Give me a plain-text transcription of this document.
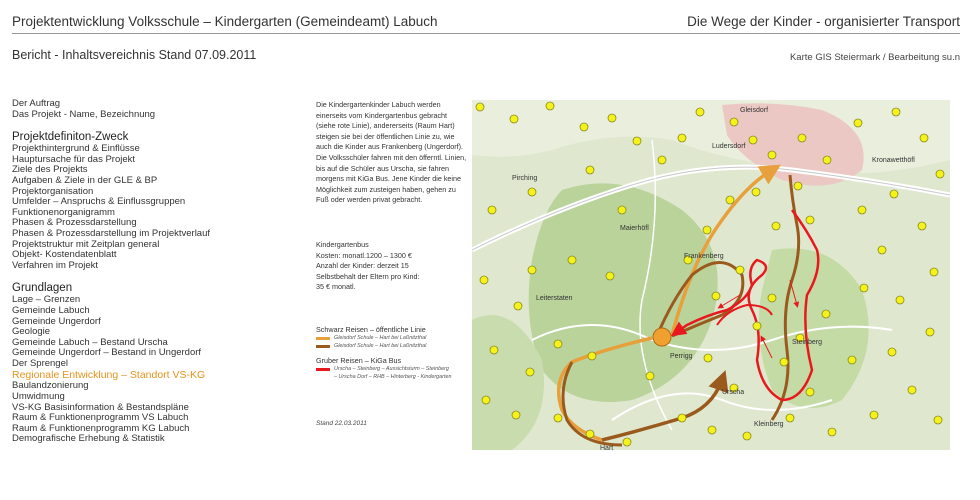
Projektentwicklung Volksschule – Kindergarten (Gemeindeamt) Labuch	Die Wege der Kinder - organisierter Transport
Bericht - Inhaltsvereichnis Stand 07.09.2011	Karte GIS Steiermark / Bearbeitung su.n
Der Auftrag
Das Projekt - Name, Bezeichnung
Projektdefiniton-Zweck
Projekthintergrund & Einflüsse
Hauptursache für das Projekt
Ziele des Projekts
Aufgaben & Ziele in der GLE & BP
Projektorganisation
Umfelder – Anspruchs & Einflussgruppen
Funktionenorganigramm
Phasen & Prozessdarstellung
Phasen & Prozessdarstellung im Projektverlauf
Projektstruktur mit Zeitplan general
Objekt- Kostendatenblatt
Verfahren im Projekt
Grundlagen
Lage – Grenzen
Gemeinde Labuch
Gemeinde Ungerdorf
Geologie
Gemeinde Labuch – Bestand Urscha
Gemeinde Ungerdorf – Bestand in Ungerdorf
Der Sprengel
Regionale Entwicklung – Standort VS-KG
Baulandzonierung
Umwidmung
VS-KG Basisinformation & Bestandspläne
Raum & Funktionenprogramm VS Labuch
Raum & Funktionenprogramm KG Labuch
Demografische Erhebung & Statistik
Die Kindergartenkinder Labuch werden einerseits vom Kindergartenbus gebracht (siehe rote Linie), andererseits (Raum Hart) steigen sie bei der öffentlichen Linie zu, wie auch die Kinder aus Frankenberg (Ungerdorf). Die Volksschüler fahren mit den öfferntl. Linien, bis auf die Schüler aus Urscha, sie fahren morgens mit KiGa Bus. Jene Kinder die keine Möglichkeit zum zusteigen haben, gehen zu Fuß oder werden privat gebracht.
Kindergartenbus
Kosten: monatl.1200 – 1300 €
Anzahl der Kinder: derzeit 15
Selbstbehalt der Eltern pro Kind:
35 € monatl.
Schwarz Reisen – öffentliche Linie
Gleisdorf Schule – Hart bei Laßnitzthal
Gleisdorf Schule – Hart bei Laßnitzthal
Gruber Reisen – KiGa Bus
Urscha – Steinberg – Aussichtsturm – Steinberg
– Urscha Dorf – RHB – Hinterberg - Kindergarten
Stand 22.03.2011
Gleisdorf
Frankenberg
Maierhöfl
Perrigg
Hart
Urscha
Steinberg
Kleinberg
Ludersdorf
Pirching
Kronawetthöfl
Leiterstaten
